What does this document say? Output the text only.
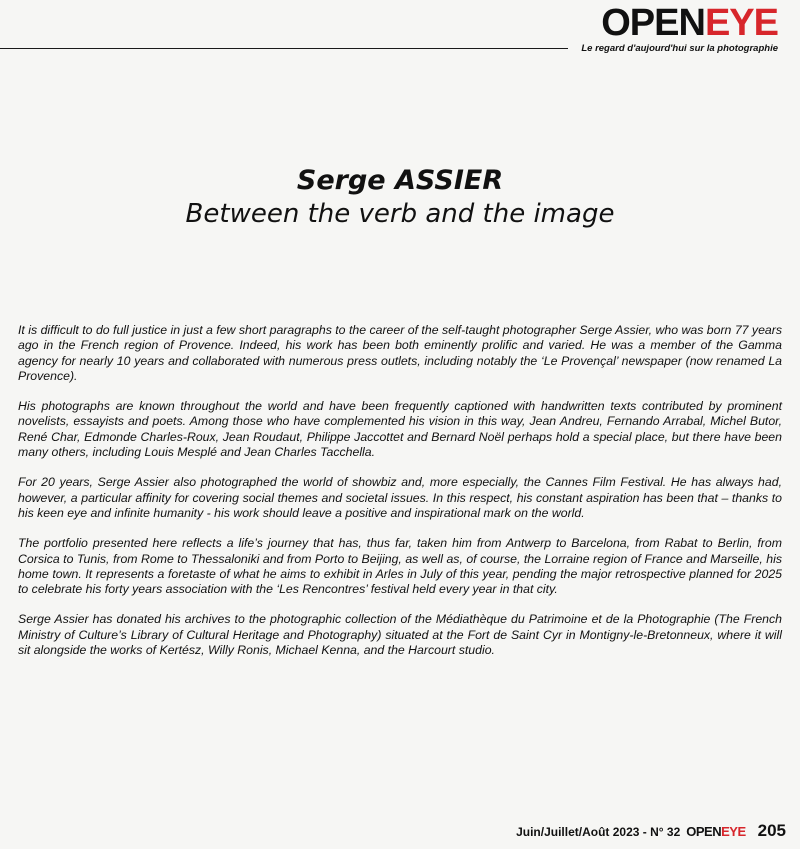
OPENEYE
Le regard d'aujourd'hui sur la photographie
Serge ASSIER
Between the verb and the image

It is difficult to do full justice in just a few short paragraphs to the career of the self-taught photographer Serge Assier, who was born 77 years ago in the French region of Provence. Indeed, his work has been both eminently prolific and varied. He was a member of the Gamma agency for nearly 10 years and collaborated with numerous press outlets, including notably the ‘Le Provençal’ newspaper (now renamed La Provence).

His photographs are known throughout the world and have been frequently captioned with handwritten texts contributed by prominent novelists, essayists and poets. Among those who have complemented his vision in this way, Jean Andreu, Fernando Arrabal, Michel Butor, René Char, Edmonde Charles-Roux, Jean Roudaut, Philippe Jaccottet and Bernard Noël perhaps hold a special place, but there have been many others, including Louis Mesplé and Jean Charles Tacchella.

For 20 years, Serge Assier also photographed the world of showbiz and, more especially, the Cannes Film Festival. He has always had, however, a particular affinity for covering social themes and societal issues. In this respect, his constant aspiration has been that – thanks to his keen eye and infinite humanity - his work should leave a positive and inspirational mark on the world.

The portfolio presented here reflects a life’s journey that has, thus far, taken him from Antwerp to Barcelona, from Rabat to Berlin, from Corsica to Tunis, from Rome to Thessaloniki and from Porto to Beijing, as well as, of course, the Lorraine region of France and Marseille, his home town. It represents a foretaste of what he aims to exhibit in Arles in July of this year, pending the major retrospective planned for 2025 to celebrate his forty years association with the ‘Les Rencontres’ festival held every year in that city.

Serge Assier has donated his archives to the photographic collection of the Médiathèque du Patrimoine et de la Photographie (The French Ministry of Culture’s Library of Cultural Heritage and Photography) situated at the Fort de Saint Cyr in Montigny-le-Bretonneux, where it will sit alongside the works of Kertész, Willy Ronis, Michael Kenna, and the Harcourt studio.

Juin/Juillet/Août 2023 - N° 32 OPENEYE 205
